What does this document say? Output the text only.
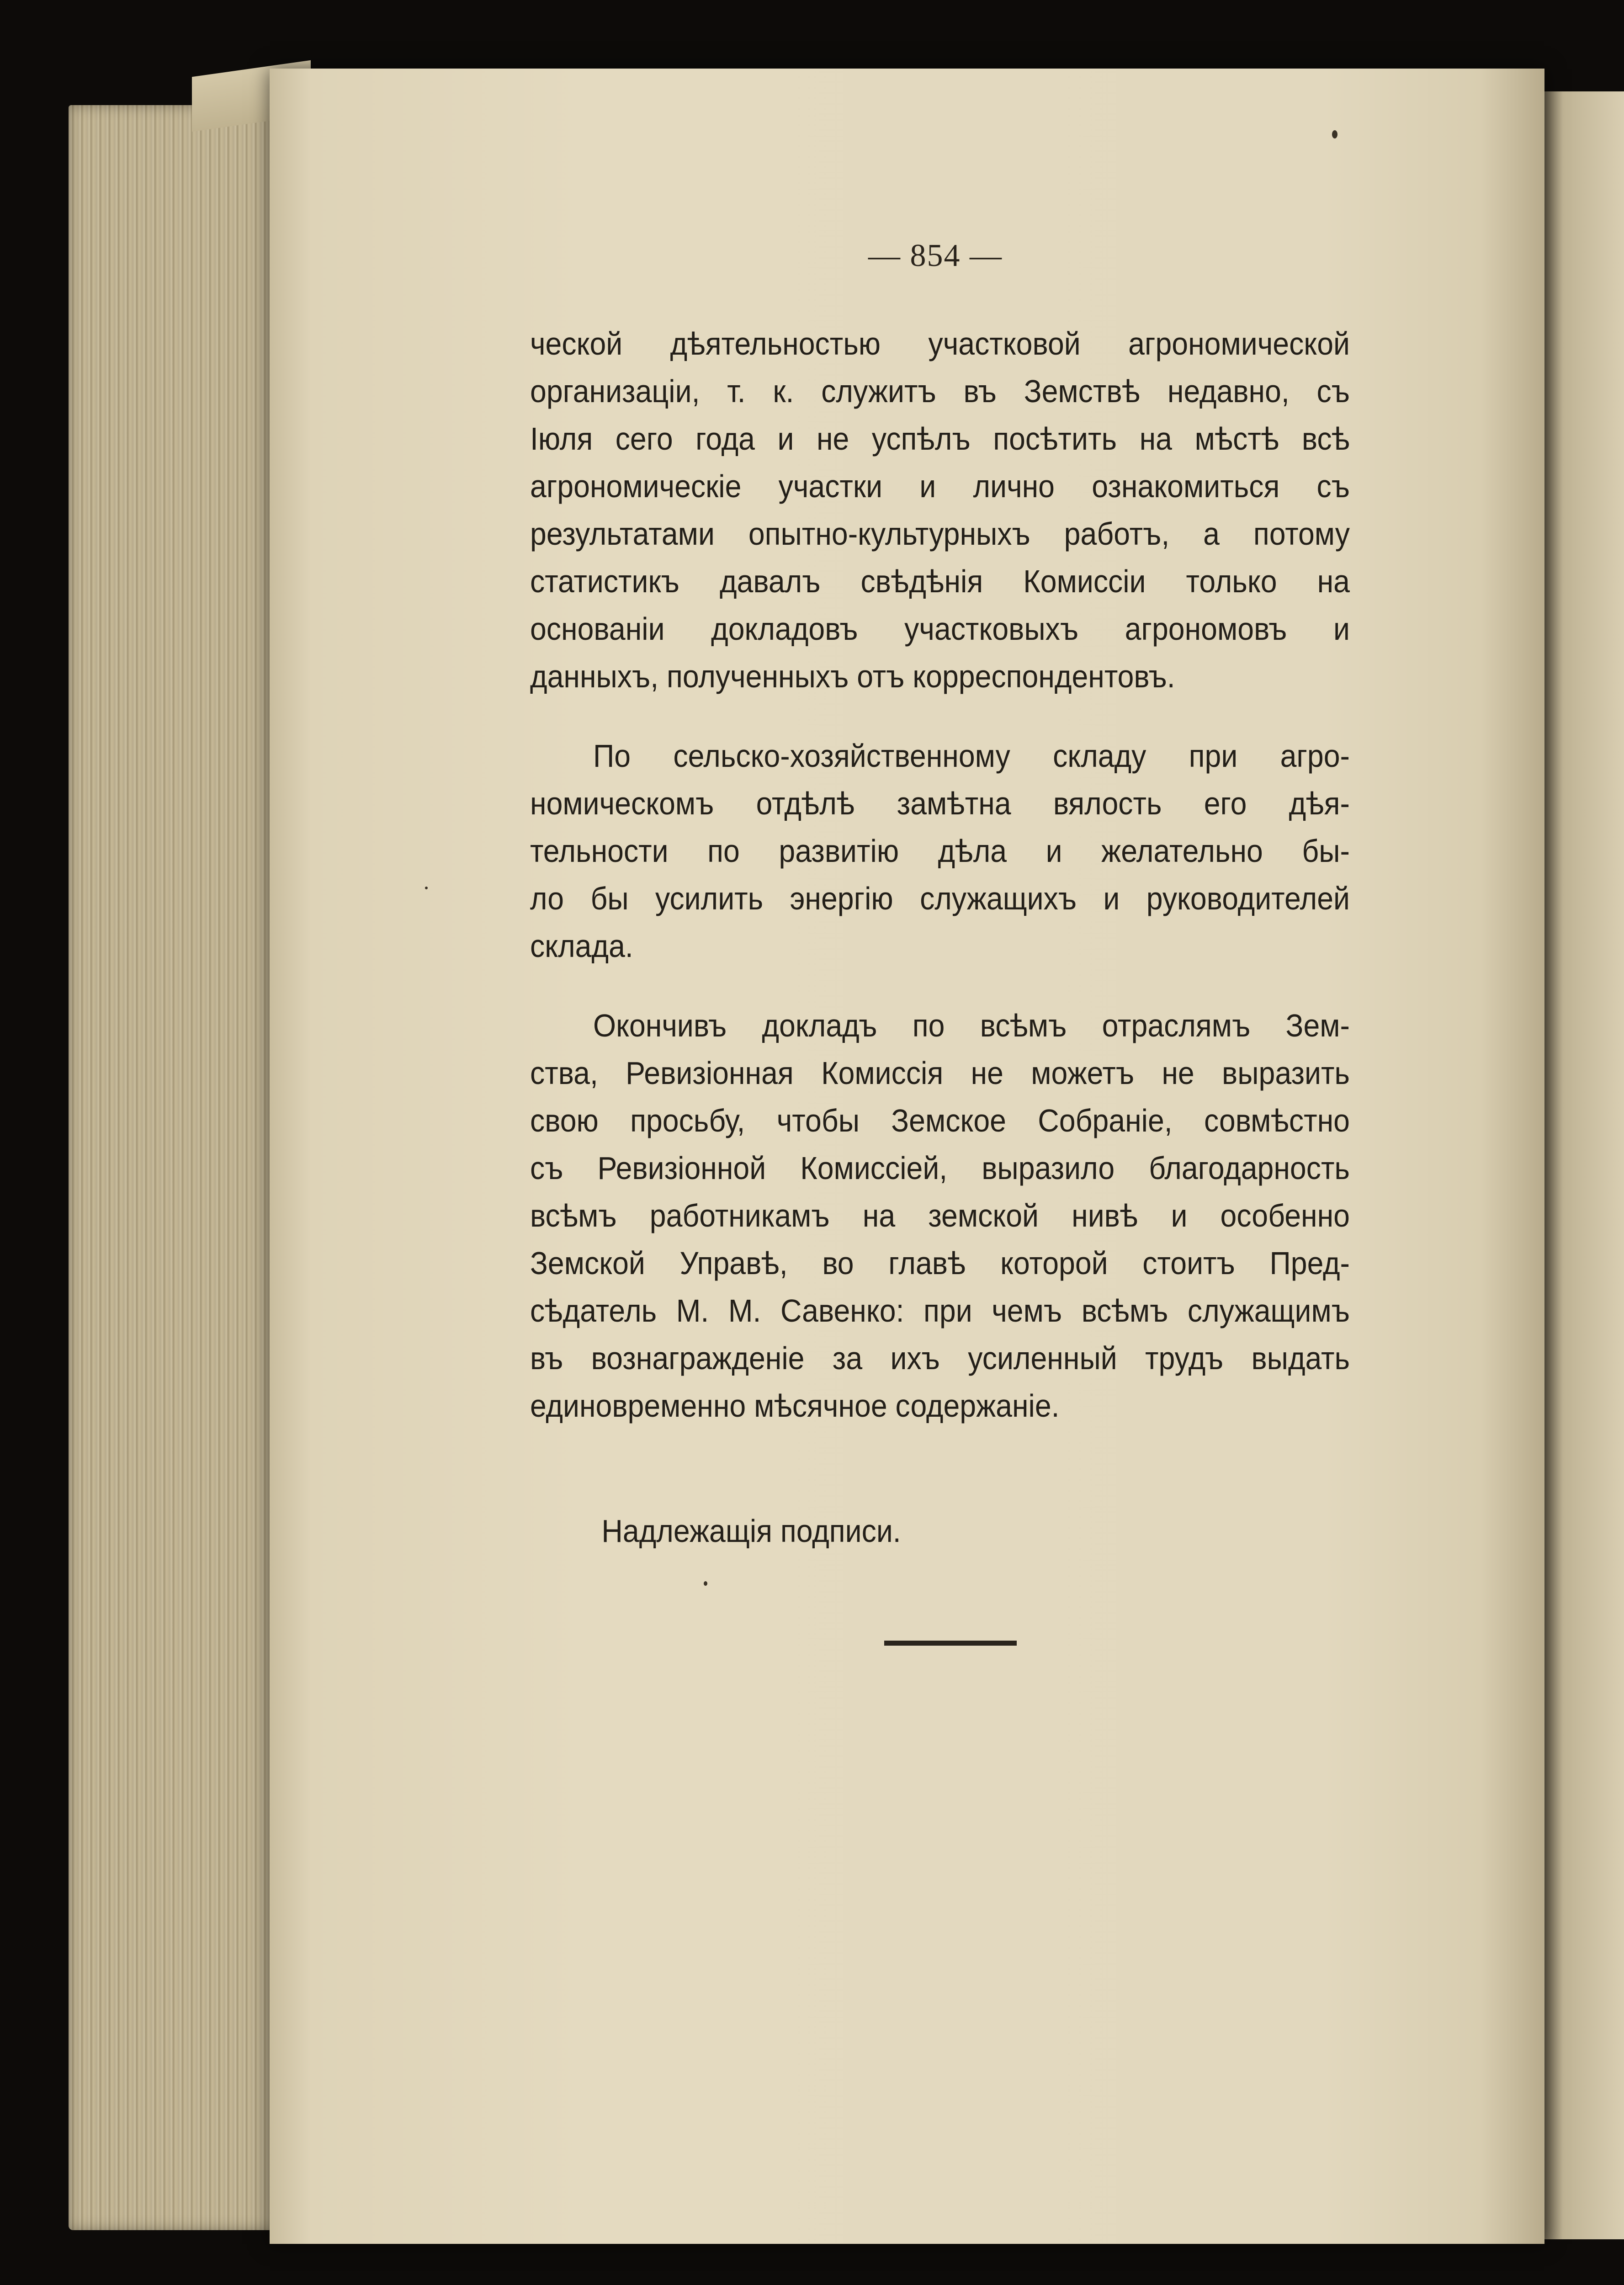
— 854 —
ческой дѣятельностью участковой агрономической
организаціи, т. к. служитъ въ Земствѣ недавно, съ
Іюля сего года и не успѣлъ посѣтить на мѣстѣ всѣ
агрономическіе участки и лично ознакомиться съ
результатами опытно-культурныхъ работъ, а потому
статистикъ давалъ свѣдѣнія Комиссіи только на
основаніи докладовъ участковыхъ агрономовъ и
данныхъ, полученныхъ отъ корреспондентовъ.
По сельско-хозяйственному складу при агро-
номическомъ отдѣлѣ замѣтна вялость его дѣя-
тельности по развитію дѣла и желательно бы-
ло бы усилить энергію служащихъ и руководителей
склада.
Окончивъ докладъ по всѣмъ отраслямъ Зем-
ства, Ревизіонная Комиссія не можетъ не выразить
свою просьбу, чтобы Земское Собраніе, совмѣстно
съ Ревизіонной Комиссіей, выразило благодарность
всѣмъ работникамъ на земской нивѣ и особенно
Земской Управѣ, во главѣ которой стоитъ Пред-
сѣдатель М. М. Савенко: при чемъ всѣмъ служащимъ
въ вознагражденіе за ихъ усиленный трудъ выдать
единовременно мѣсячное содержаніе.
Надлежащія подписи.
